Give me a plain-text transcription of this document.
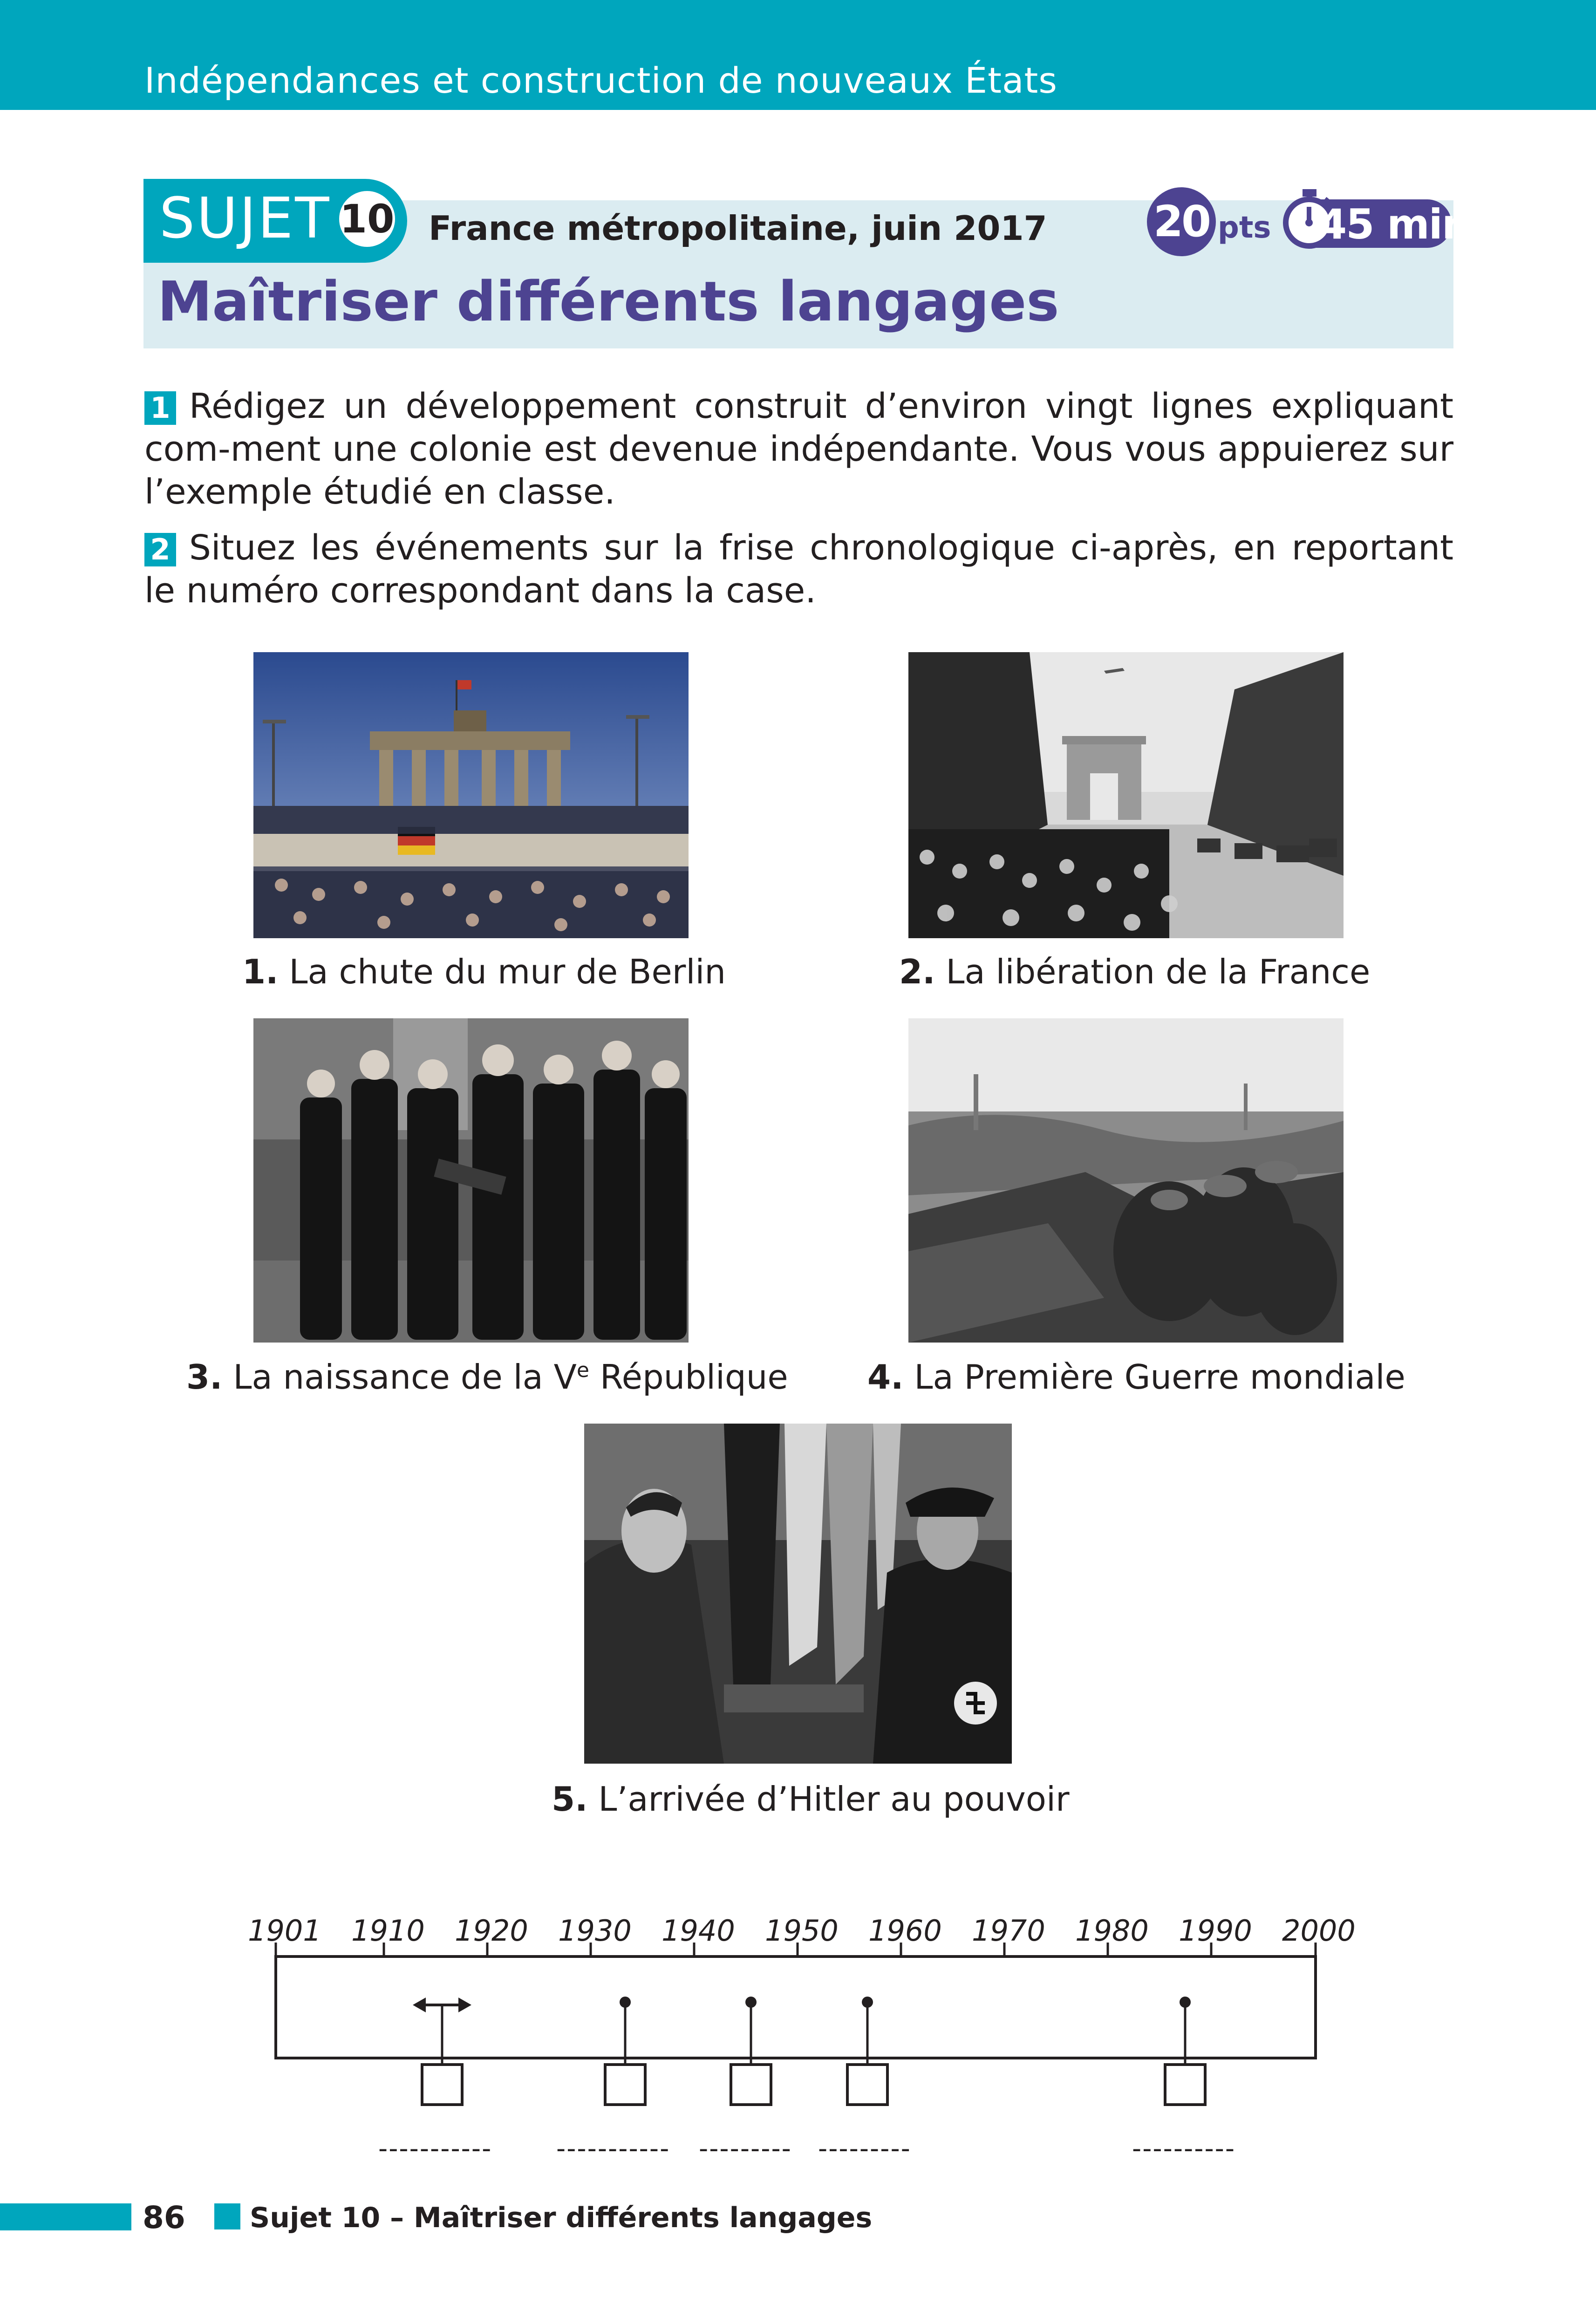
Indépendances et construction de nouveaux États
SUJET 10 France métropolitaine, juin 2017
Maîtriser différents langages
20 pts 45 min
1 Rédigez un développement construit d’environ vingt lignes expliquant com-ment une colonie est devenue indépendante. Vous vous appuierez sur l’exemple étudié en classe.
2 Situez les événements sur la frise chronologique ci-après, en reportant le numéro correspondant dans la case.
1. La chute du mur de Berlin	2. La libération de la France
3. La naissance de la Ve République 4. La Première Guerre mondiale
5. L’arrivée d’Hitler au pouvoir
1901 1910 1920 1930 1940 1950 1960 1970 1980 1990 2000
----------- ----------- --------- ---------	----------
86 Sujet 10 – Maîtriser différents langages
